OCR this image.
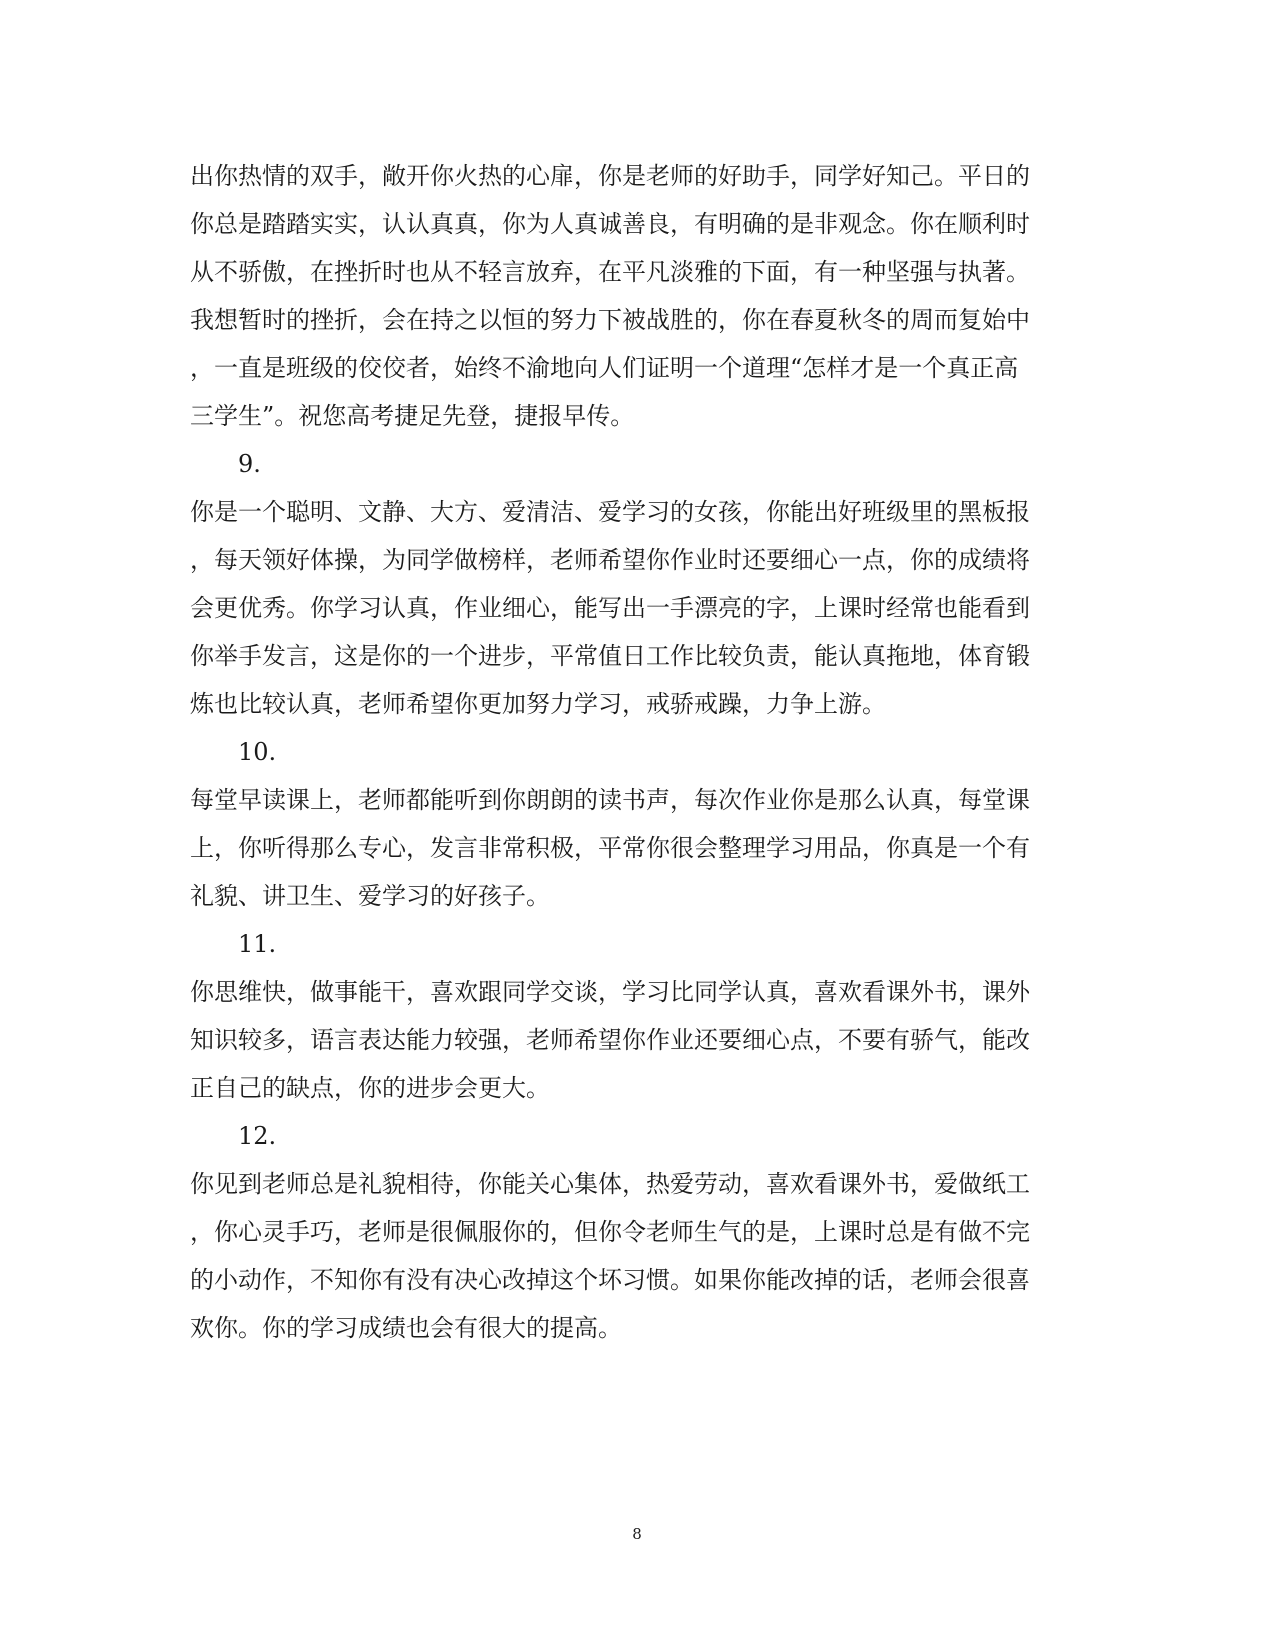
出你热情的双手，敞开你火热的心扉，你是老师的好助手，同学好知己。平日的
你总是踏踏实实，认认真真，你为人真诚善良，有明确的是非观念。你在顺利时
从不骄傲，在挫折时也从不轻言放弃，在平凡淡雅的下面，有一种坚强与执著。
我想暂时的挫折，会在持之以恒的努力下被战胜的，你在春夏秋冬的周而复始中
，一直是班级的佼佼者，始终不渝地向人们证明一个道理“怎样才是一个真正高
三学生”。祝您高考捷足先登，捷报早传。
9.
你是一个聪明、文静、大方、爱清洁、爱学习的女孩，你能出好班级里的黑板报
，每天领好体操，为同学做榜样，老师希望你作业时还要细心一点，你的成绩将
会更优秀。你学习认真，作业细心，能写出一手漂亮的字，上课时经常也能看到
你举手发言，这是你的一个进步，平常值日工作比较负责，能认真拖地，体育锻
炼也比较认真，老师希望你更加努力学习，戒骄戒躁，力争上游。
10.
每堂早读课上，老师都能听到你朗朗的读书声，每次作业你是那么认真，每堂课
上，你听得那么专心，发言非常积极，平常你很会整理学习用品，你真是一个有
礼貌、讲卫生、爱学习的好孩子。
11.
你思维快，做事能干，喜欢跟同学交谈，学习比同学认真，喜欢看课外书，课外
知识较多，语言表达能力较强，老师希望你作业还要细心点，不要有骄气，能改
正自己的缺点，你的进步会更大。
12.
你见到老师总是礼貌相待，你能关心集体，热爱劳动，喜欢看课外书，爱做纸工
，你心灵手巧，老师是很佩服你的，但你令老师生气的是，上课时总是有做不完
的小动作，不知你有没有决心改掉这个坏习惯。如果你能改掉的话，老师会很喜
欢你。你的学习成绩也会有很大的提高。
8
